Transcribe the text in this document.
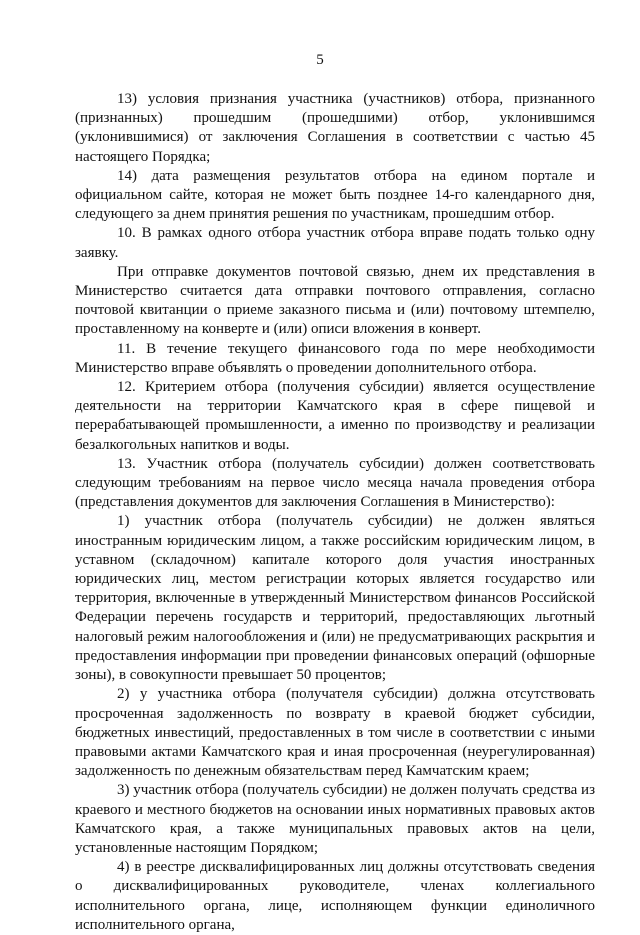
5

13) условия признания участника (участников) отбора, признанного (признанных) прошедшим (прошедшими) отбор, уклонившимся (уклонившимися) от заключения Соглашения в соответствии с частью 45 настоящего Порядка;

14) дата размещения результатов отбора на едином портале и официальном сайте, которая не может быть позднее 14-го календарного дня, следующего за днем принятия решения по участникам, прошедшим отбор.

10. В рамках одного отбора участник отбора вправе подать только одну заявку.

При отправке документов почтовой связью, днем их представления в Министерство считается дата отправки почтового отправления, согласно почтовой квитанции о приеме заказного письма и (или) почтовому штемпелю, проставленному на конверте и (или) описи вложения в конверт.

11. В течение текущего финансового года по мере необходимости Министерство вправе объявлять о проведении дополнительного отбора.

12. Критерием отбора (получения субсидии) является осуществление деятельности на территории Камчатского края в сфере пищевой и перерабатывающей промышленности, а именно по производству и реализации безалкогольных напитков и воды.

13. Участник отбора (получатель субсидии) должен соответствовать следующим требованиям на первое число месяца начала проведения отбора (представления документов для заключения Соглашения в Министерство):

1) участник отбора (получатель субсидии) не должен являться иностранным юридическим лицом, а также российским юридическим лицом, в уставном (складочном) капитале которого доля участия иностранных юридических лиц, местом регистрации которых является государство или территория, включенные в утвержденный Министерством финансов Российской Федерации перечень государств и территорий, предоставляющих льготный налоговый режим налогообложения и (или) не предусматривающих раскрытия и предоставления информации при проведении финансовых операций (офшорные зоны), в совокупности превышает 50 процентов;

2) у участника отбора (получателя субсидии) должна отсутствовать просроченная задолженность по возврату в краевой бюджет субсидии, бюджетных инвестиций, предоставленных в том числе в соответствии с иными правовыми актами Камчатского края и иная просроченная (неурегулированная) задолженность по денежным обязательствам перед Камчатским краем;

3) участник отбора (получатель субсидии) не должен получать средства из краевого и местного бюджетов на основании иных нормативных правовых актов Камчатского края, а также муниципальных правовых актов на цели, установленные настоящим Порядком;

4) в реестре дисквалифицированных лиц должны отсутствовать сведения о дисквалифицированных руководителе, членах коллегиального исполнительного органа, лице, исполняющем функции единоличного исполнительного органа,
